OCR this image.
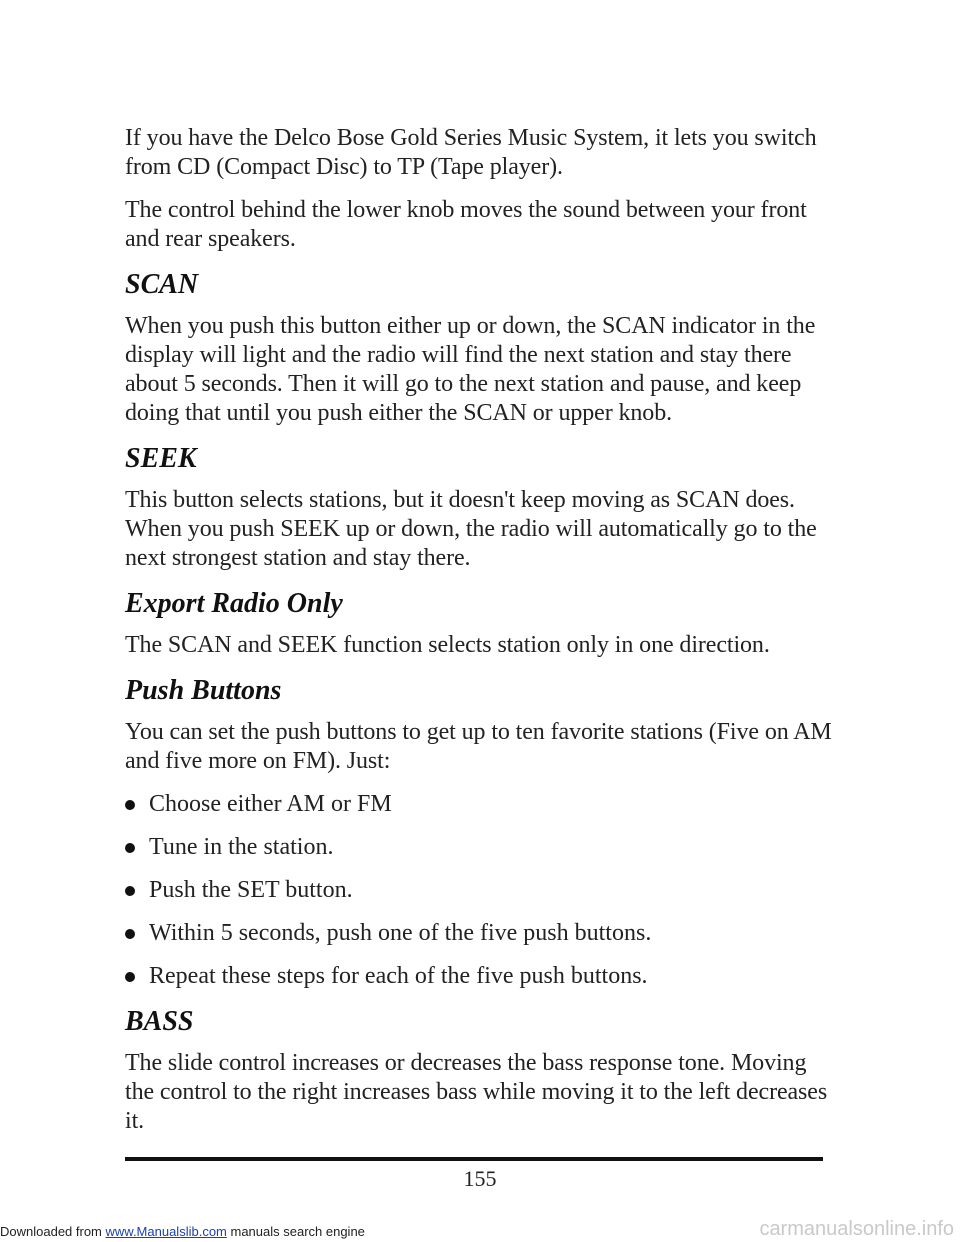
If you have the Delco Bose Gold Series Music System, it lets you switch from CD (Compact Disc) to TP (Tape player).

The control behind the lower knob moves the sound between your front and rear speakers.

SCAN

When you push this button either up or down, the SCAN indicator in the display will light and the radio will find the next station and stay there about 5 seconds. Then it will go to the next station and pause, and keep doing that until you push either the SCAN or upper knob.

SEEK

This button selects stations, but it doesn't keep moving as SCAN does. When you push SEEK up or down, the radio will automatically go to the next strongest station and stay there.

Export Radio Only

The SCAN and SEEK function selects station only in one direction.

Push Buttons

You can set the push buttons to get up to ten favorite stations (Five on AM and five more on FM). Just:

Choose either AM or FM
Tune in the station.
Push the SET button.
Within 5 seconds, push one of the five push buttons.
Repeat these steps for each of the five push buttons.
BASS

The slide control increases or decreases the bass response tone. Moving the control to the right increases bass while moving it to the left decreases it.

155
Downloaded from www.Manualslib.com manuals search engine	carmanualsonline.info
